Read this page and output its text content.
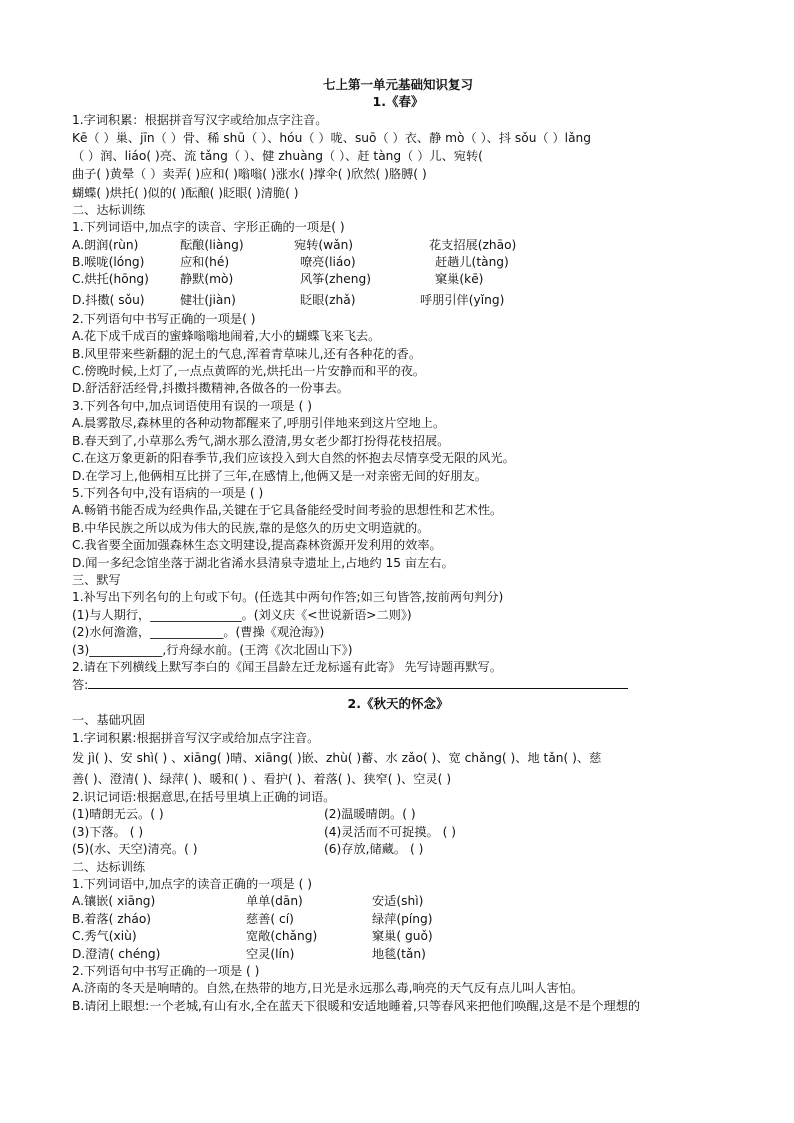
七上第一单元基础知识复习
1.《春》
1.字词积累：根据拼音写汉字或给加点字注音。
Kē（ ）巢、jīn（ ）骨、稀 shū（ ）、hóu（ ）咙、suō（ ）衣、静 mò（ ）、抖 sǒu（ ）lǎng
（ ）润、liáo( )亮、流 tǎng（ ）、健 zhuàng（ ）、赶 tàng（ ）儿、宛转(
曲子( )黄晕（ ）卖弄( )应和( )嗡嗡( )涨水( )撑伞( )欣然( )胳膊( )
蝴蝶( )烘托( )似的( )酝酿( )眨眼( )清脆( )
二、达标训练
1.下列词语中,加点字的读音、字形正确的一项是( )
A.朗润(rùn)	酝酿(liàng)	宛转(wǎn)	花支招展(zhāo)
B.喉咙(lóng)	应和(hé)	嘹亮(liáo)	赶趟儿(tàng)
C.烘托(hōng)	静默(mò)	风筝(zheng)	窠巢(kē)
D.抖擞( sǒu)	健壮(jiàn)	眨眼(zhǎ)	呼朋引伴(yǐng)
2.下列语句中书写正确的一项是( )
A.花下成千成百的蜜蜂嗡嗡地闹着,大小的蝴蝶飞来飞去。
B.风里带来些新翻的泥土的气息,浑着青草味儿,还有各种花的香。
C.傍晚时候,上灯了,一点点黄晖的光,烘托出一片安静而和平的夜。
D.舒活舒活经骨,抖擞抖擞精神,各做各的一份事去。
3.下列各句中,加点词语使用有误的一项是 ( )
A.晨雾散尽,森林里的各种动物都醒来了,呼朋引伴地来到这片空地上。
B.春天到了,小草那么秀气,湖水那么澄清,男女老少都打扮得花枝招展。
C.在这万象更新的阳春季节,我们应该投入到大自然的怀抱去尽情享受无限的风光。
D.在学习上,他俩相互比拼了三年,在感情上,他俩又是一对亲密无间的好朋友。
5.下列各句中,没有语病的一项是 ( )
A.畅销书能否成为经典作品,关键在于它具备能经受时间考验的思想性和艺术性。
B.中华民族之所以成为伟大的民族,靠的是悠久的历史文明造就的。
C.我省要全面加强森林生态文明建设,提高森林资源开发利用的效率。
D.闻一多纪念馆坐落于湖北省浠水县清泉寺遗址上,占地约 15 亩左右。
三、默写
1.补写出下列名句的上句或下句。(任选其中两句作答;如三句皆答,按前两句判分)
(1)与人期行，_______________。(刘义庆《<世说新语>二则》)
(2)水何澹澹，____________。(曹操《观沧海》)
(3)____________,行舟绿水前。(王湾《次北固山下》)
2.请在下列横线上默写李白的《闻王昌龄左迁龙标遥有此寄》 先写诗题再默写。
答:
2.《秋天的怀念》
一、基础巩固
1.字词积累:根据拼音写汉字或给加点字注音。
发 jì( )、安 shì( ) 、xiāng( )晴、xiāng( )嵌、zhù( )蓄、水 zǎo( )、宽 chǎng( )、地 tǎn( )、慈
善( )、澄清( )、绿萍( )、暖和( ) 、看护( )、着落( )、狭窄( )、空灵( )
2.识记词语:根据意思,在括号里填上正确的词语。
(1)晴朗无云。( )	(2)温暖晴朗。( )
(3)下落。 ( )	(4)灵活而不可捉摸。 ( )
(5)(水、天空)清亮。( )	(6)存放,储藏。 ( )
二、达标训练
1.下列词语中,加点字的读音正确的一项是 ( )
A.镶嵌( xiāng)	单单(dān)	安适(shì)
B.着落( zháo)	慈善( cí)	绿萍(píng)
C.秀气(xiù)	宽敞(chǎng)	窠巢( guǒ)
D.澄清( chéng)	空灵(lín)	地毯(tǎn)
2.下列语句中书写正确的一项是 ( )
A.济南的冬天是响晴的。自然,在热带的地方,日光是永远那么毒,响亮的天气反有点儿叫人害怕。
B.请闭上眼想:一个老城,有山有水,全在蓝天下很暖和安适地睡着,只等春风来把他们唤醒,这是不是个理想的
